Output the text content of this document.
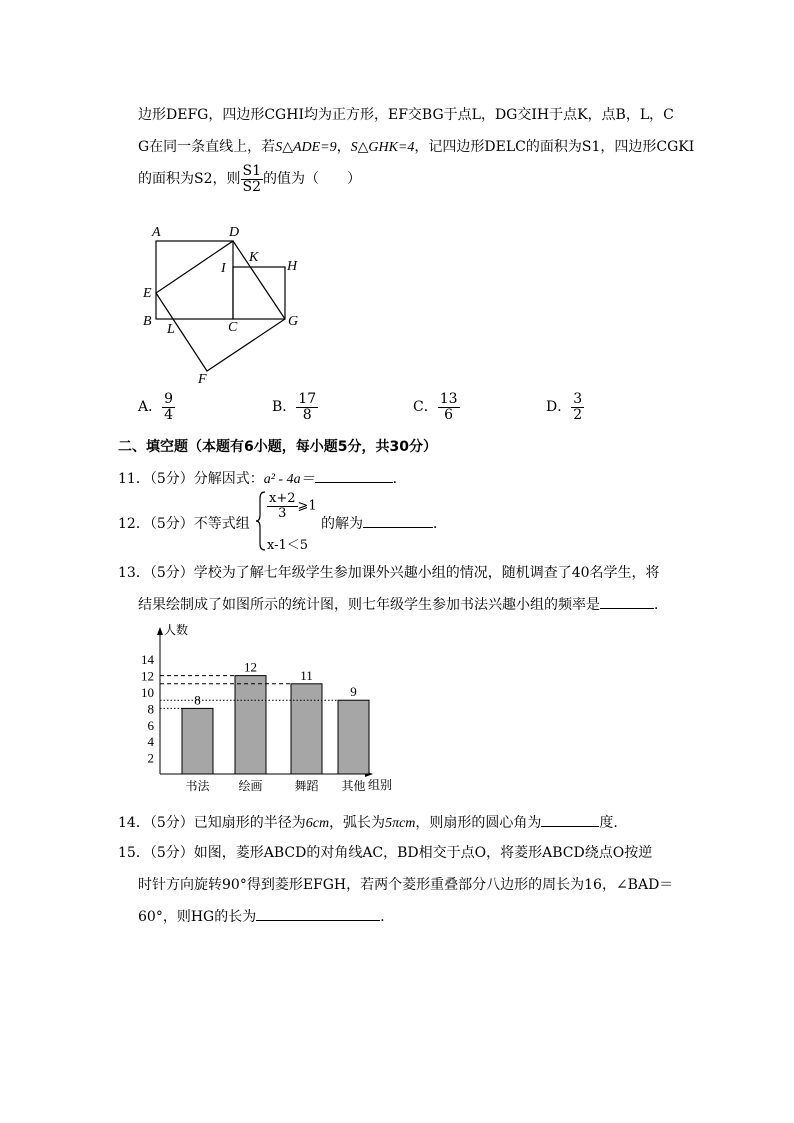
边形DEFG，四边形CGHI均为正方形，EF交BG于点L，DG交IH于点K，点B，L，C
G在同一条直线上，若S△ADE=9，S△GHK=4，记四边形DELC的面积为S1，四边形CGKI
的面积为S2，则 $\frac{S1}{S2}$ 的值为（　　）
A	D
I
K
H
E
B	C	G
L
F
A． $\frac{9}{4}$	B． $\frac{17}{8}$	C． $\frac{13}{6}$	D． $\frac{3}{2}$
二、填空题（本题有6小题，每小题5分，共30分）
11．（5分）分解因式：a² - 4a＝	．
12．（5分）不等式组
$\frac{x+2}{3}$ ⩾1
x-1＜5
的解为	．
13．（5分）学校为了解七年级学生参加课外兴趣小组的情况，随机调查了40名学生，将
结果绘制成了如图所示的统计图，则七年级学生参加书法兴趣小组的频率是	．
人数
组别
2
4
6
8
10
12
14
8
书法
12
绘画
11
舞蹈
9
其他
14．（5分）已知扇形的半径为6cm，弧长为5πcm，则扇形的圆心角为	度．
15．（5分）如图，菱形ABCD的对角线AC，BD相交于点O，将菱形ABCD绕点O按逆
时针方向旋转90°得到菱形EFGH，若两个菱形重叠部分八边形的周长为16，∠BAD＝
60°，则HG的长为	．
